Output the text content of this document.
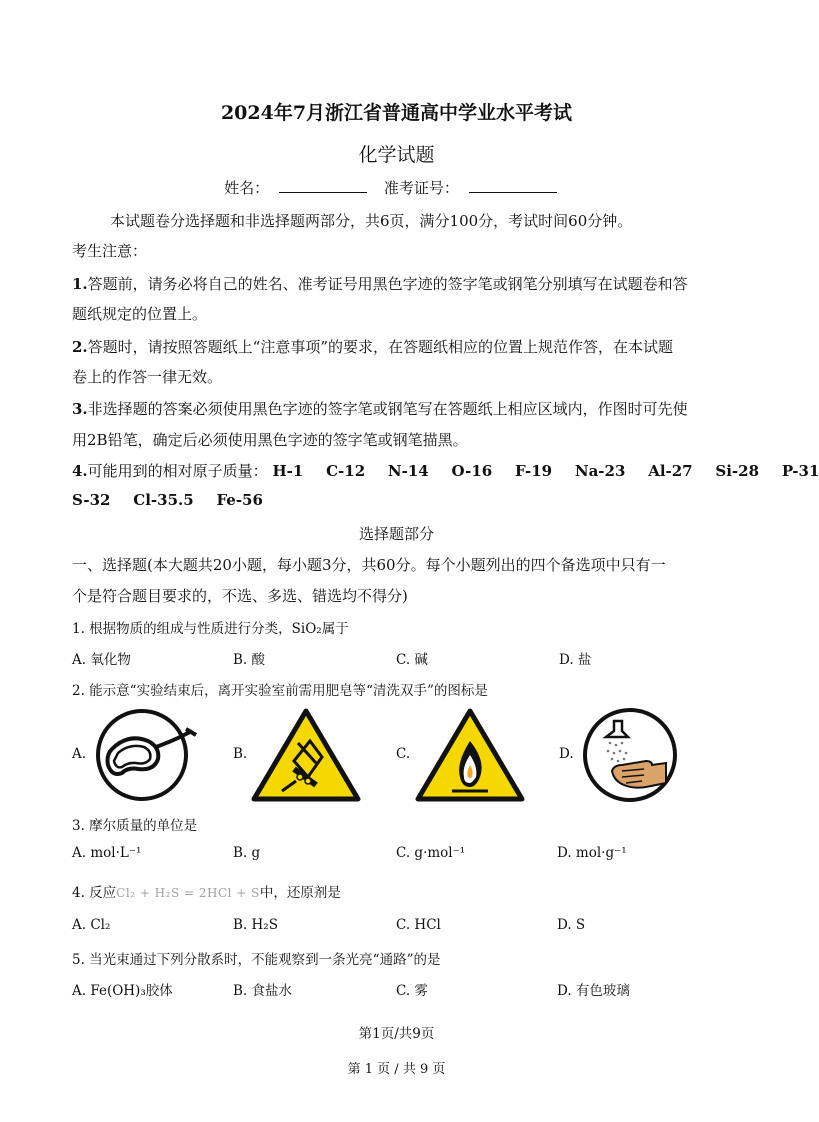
2024年7月浙江省普通高中学业水平考试
化学试题
姓名：	准考证号：
本试题卷分选择题和非选择题两部分，共6页，满分100分，考试时间60分钟。
考生注意：
1.答题前，请务必将自己的姓名、准考证号用黑色字迹的签字笔或钢笔分别填写在试题卷和答
题纸规定的位置上。
2.答题时，请按照答题纸上“注意事项”的要求，在答题纸相应的位置上规范作答，在本试题
卷上的作答一律无效。
3.非选择题的答案必须使用黑色字迹的签字笔或钢笔写在答题纸上相应区域内，作图时可先使
用2B铅笔，确定后必须使用黑色字迹的签字笔或钢笔描黑。
4.可能用到的相对原子质量： H-1 C-12 N-14 O-16 F-19 Na-23 Al-27 Si-28 P-31
S-32 Cl-35.5 Fe-56
选择题部分
一、选择题(本大题共20小题，每小题3分，共60分。每个小题列出的四个备选项中只有一
个是符合题目要求的，不选、多选、错选均不得分)
1. 根据物质的组成与性质进行分类，SiO₂属于
A. 氧化物	B. 酸	C. 碱	D. 盐
2. 能示意“实验结束后，离开实验室前需用肥皂等“清洗双手”的图标是
A.	B.	C.	D.
3. 摩尔质量的单位是
A. mol·L⁻¹	B. g	C. g·mol⁻¹	D. mol·g⁻¹
4. 反应Cl₂ + H₂S = 2HCl + S中，还原剂是
A. Cl₂	B. H₂S	C. HCl	D. S
5. 当光束通过下列分散系时，不能观察到一条光亮“通路”的是
A. Fe(OH)₃胶体	B. 食盐水	C. 雾	D. 有色玻璃
第1页/共9页
第 1 页 / 共 9 页
